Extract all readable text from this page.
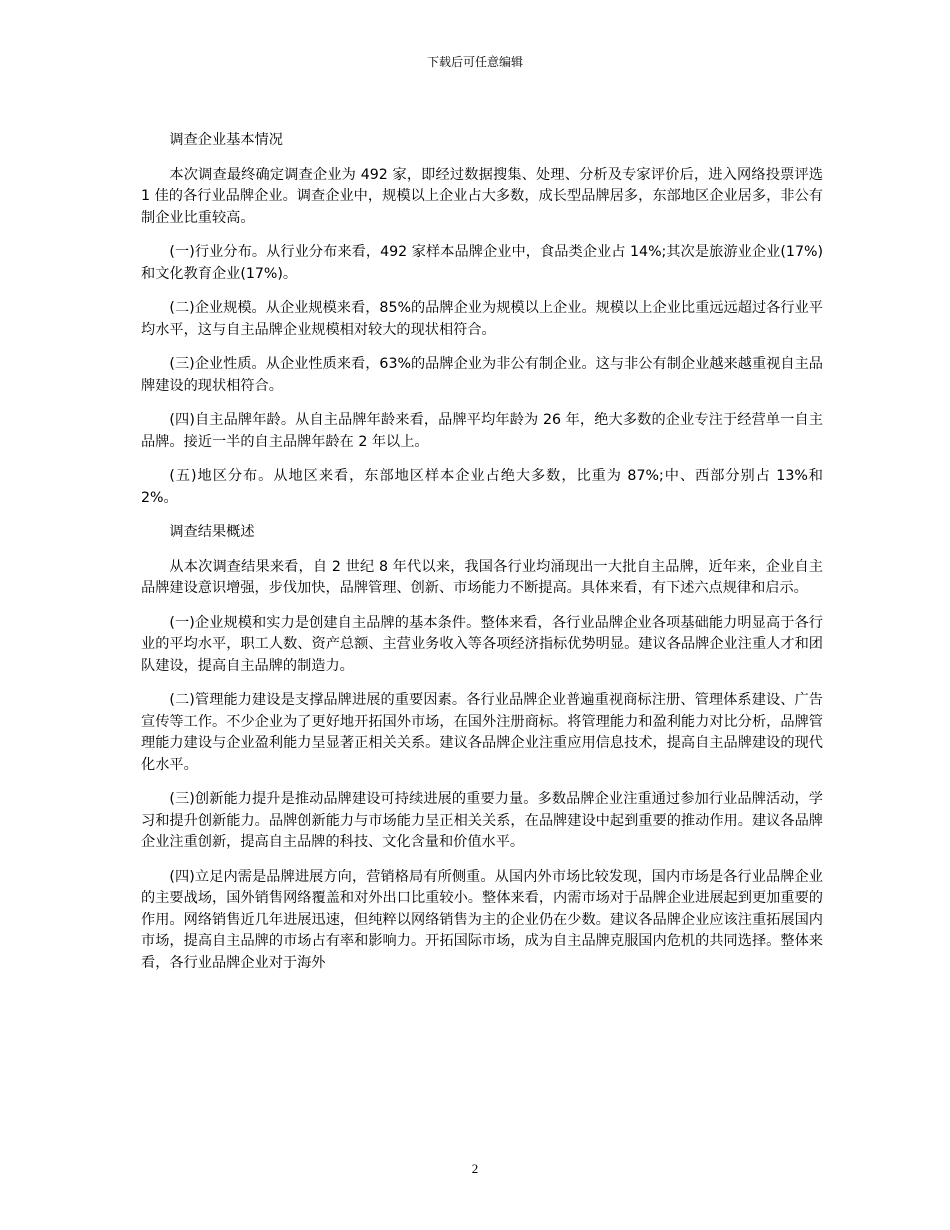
下载后可任意编辑

调查企业基本情况

本次调查最终确定调查企业为 492 家，即经过数据搜集、处理、分析及专家评价后，进入网络投票评选 1 佳的各行业品牌企业。调查企业中，规模以上企业占大多数，成长型品牌居多，东部地区企业居多，非公有制企业比重较高。

(一)行业分布。从行业分布来看，492 家样本品牌企业中，食品类企业占 14%;其次是旅游业企业(17%)和文化教育企业(17%)。

(二)企业规模。从企业规模来看，85%的品牌企业为规模以上企业。规模以上企业比重远远超过各行业平均水平，这与自主品牌企业规模相对较大的现状相符合。

(三)企业性质。从企业性质来看，63%的品牌企业为非公有制企业。这与非公有制企业越来越重视自主品牌建设的现状相符合。

(四)自主品牌年龄。从自主品牌年龄来看，品牌平均年龄为 26 年，绝大多数的企业专注于经营单一自主品牌。接近一半的自主品牌年龄在 2 年以上。

(五)地区分布。从地区来看，东部地区样本企业占绝大多数，比重为 87%;中、西部分别占 13%和 2%。

调查结果概述

从本次调查结果来看，自 2 世纪 8 年代以来，我国各行业均涌现出一大批自主品牌，近年来，企业自主品牌建设意识增强，步伐加快，品牌管理、创新、市场能力不断提高。具体来看，有下述六点规律和启示。

(一)企业规模和实力是创建自主品牌的基本条件。整体来看，各行业品牌企业各项基础能力明显高于各行业的平均水平，职工人数、资产总额、主营业务收入等各项经济指标优势明显。建议各品牌企业注重人才和团队建设，提高自主品牌的制造力。

(二)管理能力建设是支撑品牌进展的重要因素。各行业品牌企业普遍重视商标注册、管理体系建设、广告宣传等工作。不少企业为了更好地开拓国外市场，在国外注册商标。将管理能力和盈利能力对比分析，品牌管理能力建设与企业盈利能力呈显著正相关关系。建议各品牌企业注重应用信息技术，提高自主品牌建设的现代化水平。

(三)创新能力提升是推动品牌建设可持续进展的重要力量。多数品牌企业注重通过参加行业品牌活动，学习和提升创新能力。品牌创新能力与市场能力呈正相关关系，在品牌建设中起到重要的推动作用。建议各品牌企业注重创新，提高自主品牌的科技、文化含量和价值水平。

(四)立足内需是品牌进展方向，营销格局有所侧重。从国内外市场比较发现，国内市场是各行业品牌企业的主要战场，国外销售网络覆盖和对外出口比重较小。整体来看，内需市场对于品牌企业进展起到更加重要的作用。网络销售近几年进展迅速，但纯粹以网络销售为主的企业仍在少数。建议各品牌企业应该注重拓展国内市场，提高自主品牌的市场占有率和影响力。开拓国际市场，成为自主品牌克服国内危机的共同选择。整体来看，各行业品牌企业对于海外

2
